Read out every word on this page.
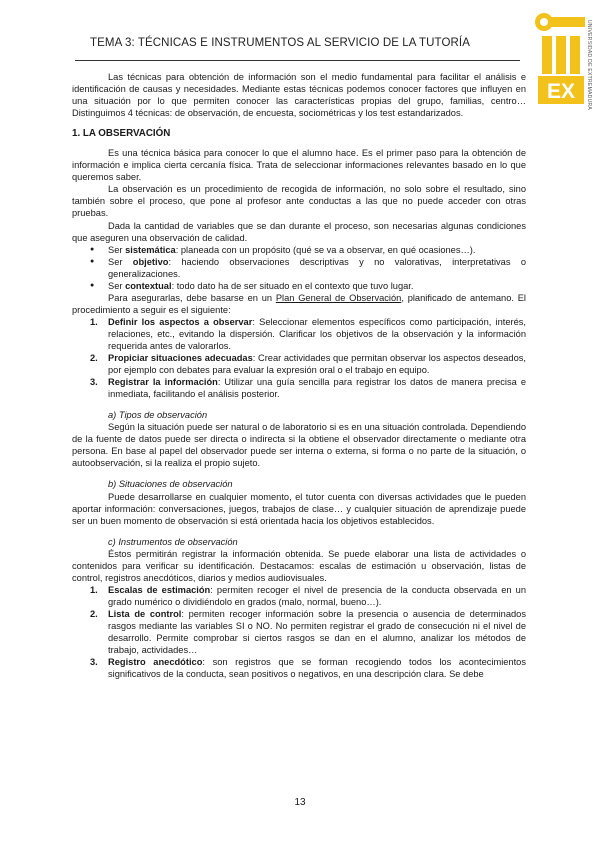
TEMA 3: TÉCNICAS E INSTRUMENTOS AL SERVICIO DE LA TUTORÍA
EX UNIVERSIDAD DE EXTREMADURA

Las técnicas para obtención de información son el medio fundamental para facilitar el análisis e identificación de causas y necesidades. Mediante estas técnicas podemos conocer factores que influyen en una situación por lo que permiten conocer las características propias del grupo, familias, centro… Distinguimos 4 técnicas: de observación, de encuesta, sociométricas y los test estandarizados.

1. LA OBSERVACIÓN

Es una técnica básica para conocer lo que el alumno hace. Es el primer paso para la obtención de información e implica cierta cercanía física. Trata de seleccionar informaciones relevantes basado en lo que queremos saber.

La observación es un procedimiento de recogida de información, no solo sobre el resultado, sino también sobre el proceso, que pone al profesor ante conductas a las que no puede acceder con otras pruebas.

Dada la cantidad de variables que se dan durante el proceso, son necesarias algunas condiciones que aseguren una observación de calidad.

● Ser sistemática: planeada con un propósito (qué se va a observar, en qué ocasiones…).
● Ser objetivo: haciendo observaciones descriptivas y no valorativas, interpretativas o generalizaciones.
● Ser contextual: todo dato ha de ser situado en el contexto que tuvo lugar.

Para asegurarlas, debe basarse en un Plan General de Observación, planificado de antemano. El procedimiento a seguir es el siguiente:

1. Definir los aspectos a observar: Seleccionar elementos específicos como participación, interés, relaciones, etc., evitando la dispersión. Clarificar los objetivos de la observación y la información requerida antes de valorarlos.
2. Propiciar situaciones adecuadas: Crear actividades que permitan observar los aspectos deseados, por ejemplo con debates para evaluar la expresión oral o el trabajo en equipo.
3. Registrar la información: Utilizar una guía sencilla para registrar los datos de manera precisa e inmediata, facilitando el análisis posterior.

a) Tipos de observación

Según la situación puede ser natural o de laboratorio si es en una situación controlada. Dependiendo de la fuente de datos puede ser directa o indirecta si la obtiene el observador directamente o mediante otra persona. En base al papel del observador puede ser interna o externa, si forma o no parte de la situación, o autoobservación, si la realiza el propio sujeto.

b) Situaciones de observación

Puede desarrollarse en cualquier momento, el tutor cuenta con diversas actividades que le pueden aportar información: conversaciones, juegos, trabajos de clase… y cualquier situación de aprendizaje puede ser un buen momento de observación si está orientada hacia los objetivos establecidos.

c) Instrumentos de observación

Éstos permitirán registrar la información obtenida. Se puede elaborar una lista de actividades o contenidos para verificar su identificación. Destacamos: escalas de estimación u observación, listas de control, registros anecdóticos, diarios y medios audiovisuales.

1. Escalas de estimación: permiten recoger el nivel de presencia de la conducta observada en un grado numérico o dividiéndolo en grados (malo, normal, bueno…).
2. Lista de control: permiten recoger información sobre la presencia o ausencia de determinados rasgos mediante las variables SI o NO. No permiten registrar el grado de consecución ni el nivel de desarrollo. Permite comprobar si ciertos rasgos se dan en el alumno, analizar los métodos de trabajo, actividades…
3. Registro anecdótico: son registros que se forman recogiendo todos los acontecimientos significativos de la conducta, sean positivos o negativos, en una descripción clara. Se debe
13
